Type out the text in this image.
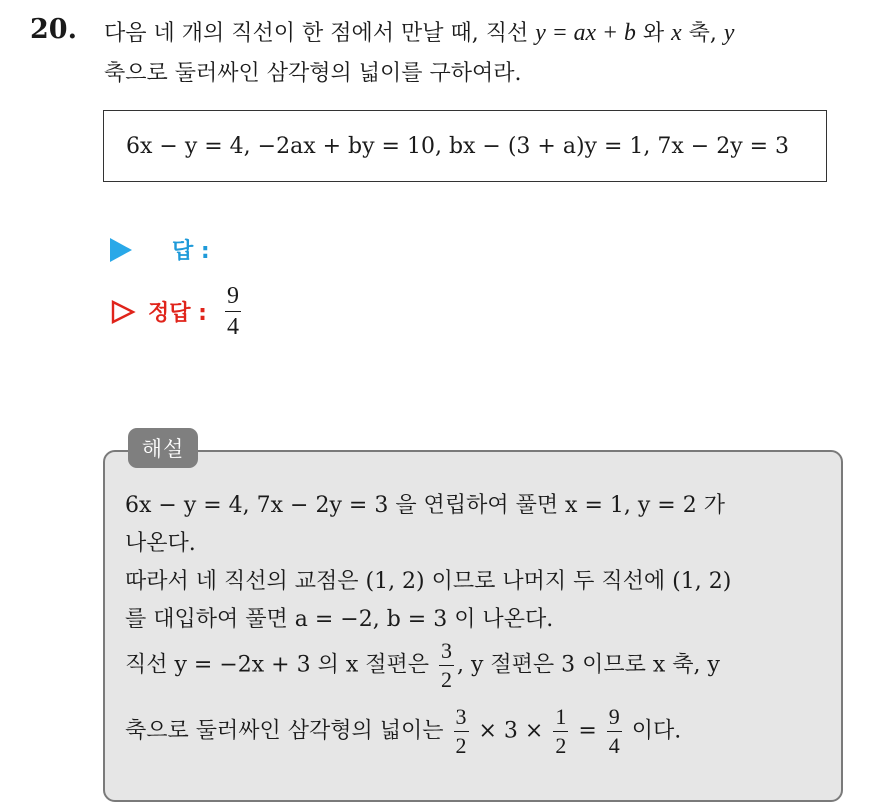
20. 다음 네 개의 직선이 한 점에서 만날 때, 직선 y = ax + b 와 x 축, y
축으로 둘러싸인 삼각형의 넓이를 구하여라.
6x − y = 4, −2ax + by = 10, bx − (3 + a)y = 1, 7x − 2y = 3
답 :
정답 : $\frac{9}{4}$
해설
6x − y = 4, 7x − 2y = 3 을 연립하여 풀면 x = 1, y = 2 가
나온다.
따라서 네 직선의 교점은 (1, 2) 이므로 나머지 두 직선에 (1, 2)
를 대입하여 풀면 a = −2, b = 3 이 나온다.
직선 y = −2x + 3 의 x 절편은 $\frac{3}{2}$ , y 절편은 3 이므로 x 축, y
축으로 둘러싸인 삼각형의 넓이는 $\frac{3}{2} \times 3 \times \frac{1}{2} = \frac{9}{4}$ 이다.
